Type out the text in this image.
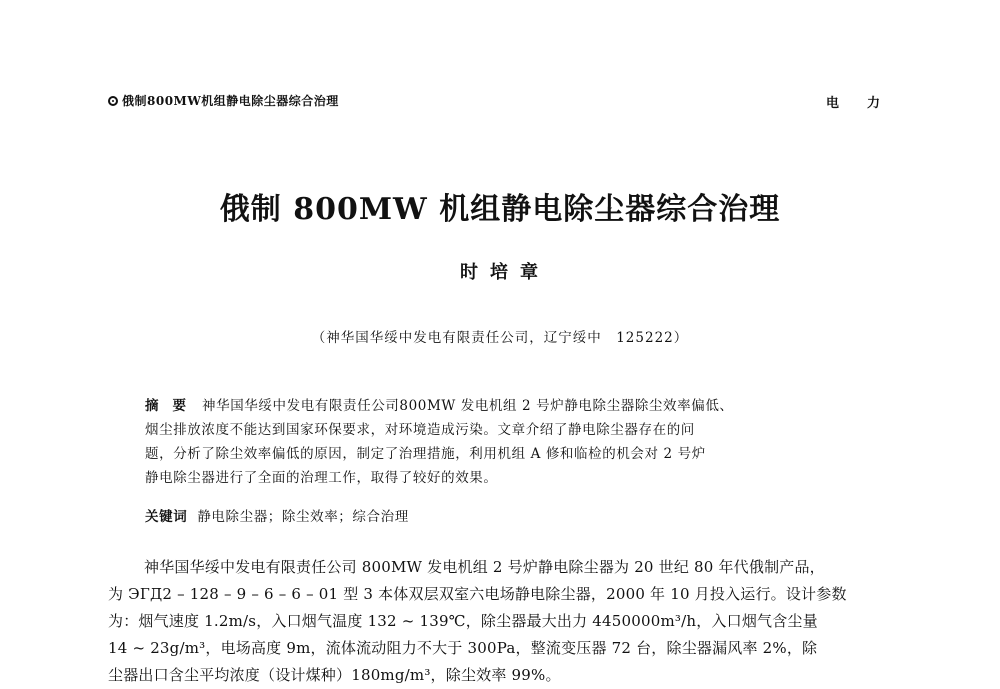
俄制800MW机组静电除尘器综合治理	电力
俄制 800MW 机组静电除尘器综合治理
时培章
（神华国华绥中发电有限责任公司，辽宁绥中　125222）
摘要 神华国华绥中发电有限责任公司800MW 发电机组 2 号炉静电除尘器除尘效率偏低、
烟尘排放浓度不能达到国家环保要求，对环境造成污染。文章介绍了静电除尘器存在的问
题，分析了除尘效率偏低的原因，制定了治理措施，利用机组 A 修和临检的机会对 2 号炉
静电除尘器进行了全面的治理工作，取得了较好的效果。
关键词 静电除尘器；除尘效率；综合治理
神华国华绥中发电有限责任公司 800MW 发电机组 2 号炉静电除尘器为 20 世纪 80 年代俄制产品，
为 ЭГД2 – 128 – 9 – 6 – 6 – 01 型 3 本体双层双室六电场静电除尘器，2000 年 10 月投入运行。设计参数
为：烟气速度 1.2m/s，入口烟气温度 132 ~ 139℃，除尘器最大出力 4450000m³/h，入口烟气含尘量
14 ~ 23g/m³，电场高度 9m，流体流动阻力不大于 300Pa，整流变压器 72 台，除尘器漏风率 2%，除
尘器出口含尘平均浓度（设计煤种）180mg/m³，除尘效率 99%。
